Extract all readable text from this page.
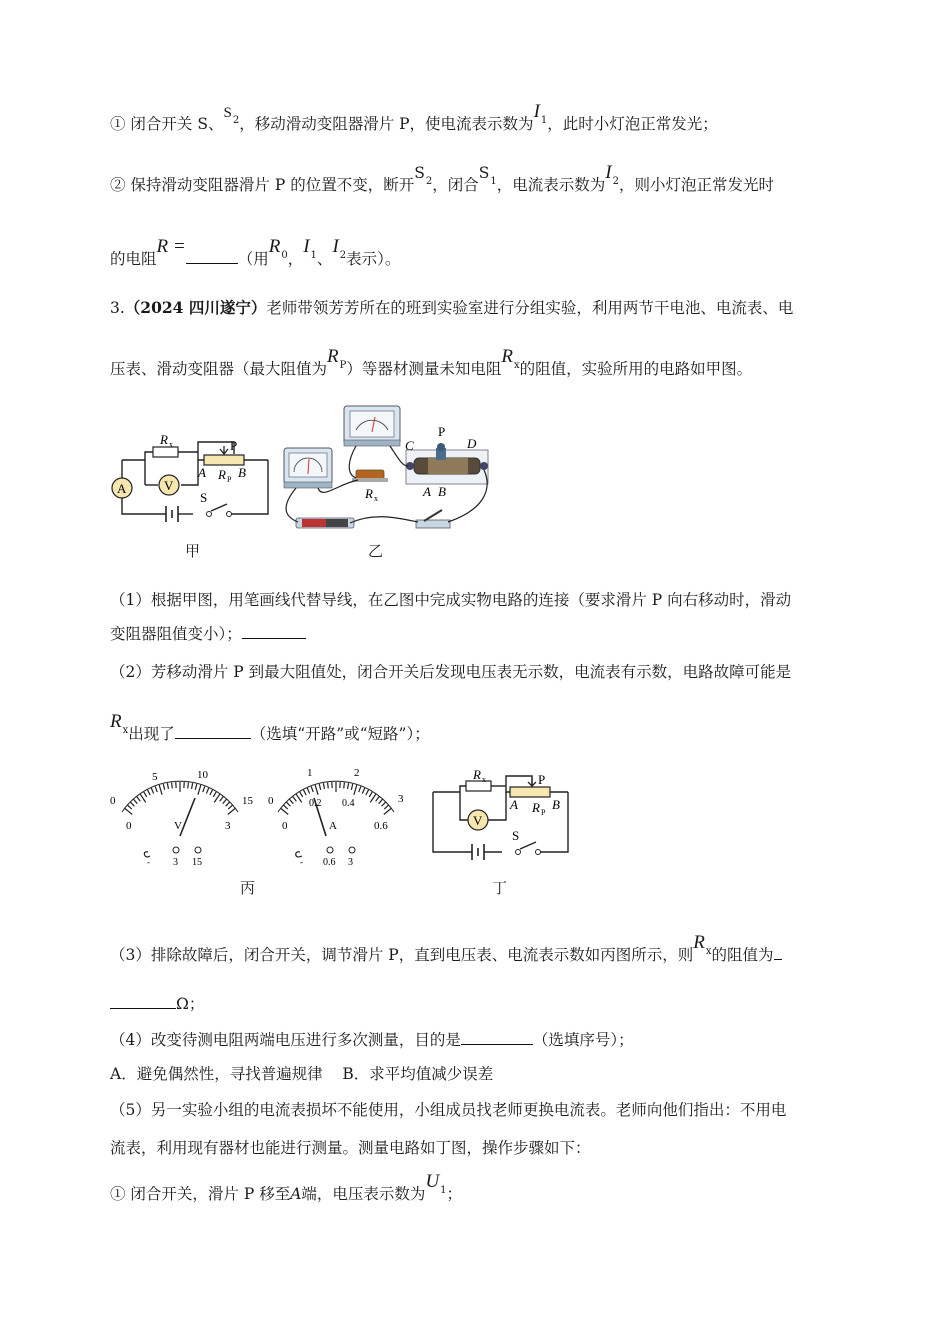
① 闭合开关 S、$S_2$，移动滑动变阻器滑片 P，使电流表示数为$I_1$，此时小灯泡正常发光；
② 保持滑动变阻器滑片 P 的位置不变，断开$S_2$，闭合$S_1$，电流表示数为$I_2$，则小灯泡正常发光时
的电阻R =（用$R_0$，$I_1$、$I_2$表示）。
3.（2024 四川遂宁）老师带领芳芳所在的班到实验室进行分组实验，利用两节干电池、电流表、电
压表、滑动变阻器（最大阻值为$R_P$）等器材测量未知电阻$R_x$的阻值，实验所用的电路如甲图。
A	V
R x	P
A R P B
S
甲
C
P
D
A B
R x
乙
（1）根据甲图，用笔画线代替导线，在乙图中完成实物电路的连接（要求滑片 P 向右移动时，滑动
变阻器阻值变小）；
（2）芳移动滑片 P 到最大阻值处，闭合开关后发现电压表无示数，电流表有示数，电路故障可能是
$R_x$出现了	（选填“开路”或“短路”）；
0
5	10
15
0	3
V
- 3 15
0
1	2
3
0
0.2 0.4
0.6
A
- 0.6 3
丙
V
R x	P
A R P
B
S
丁
（3）排除故障后，闭合开关，调节滑片 P，直到电压表、电流表示数如丙图所示，则$R_x$的阻值为
Ω；
（4）改变待测电阻两端电压进行多次测量，目的是	（选填序号）；
A．避免偶然性，寻找普遍规律    B．求平均值减少误差
（5）另一实验小组的电流表损坏不能使用，小组成员找老师更换电流表。老师向他们指出：不用电
流表，利用现有器材也能进行测量。测量电路如丁图，操作步骤如下：
① 闭合开关，滑片 P 移至A端，电压表示数为$U_1$；
